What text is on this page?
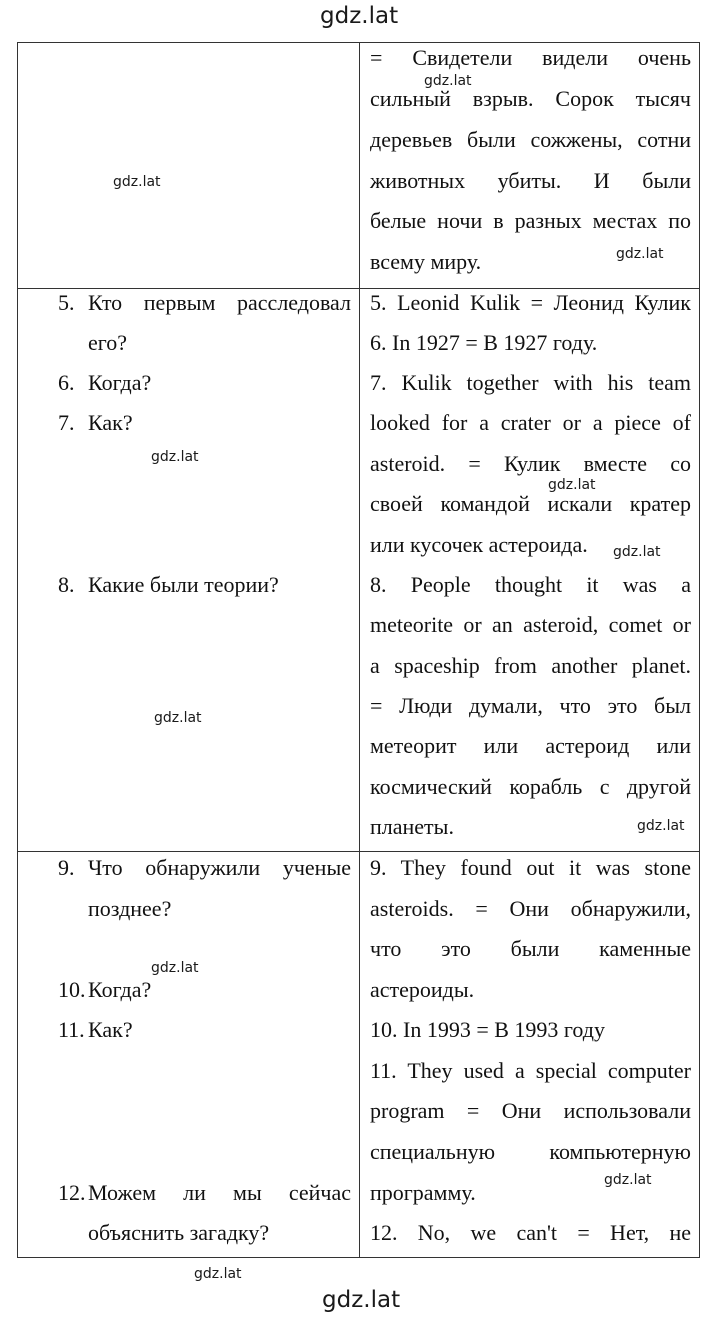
gdz.lat
gdz.lat
gdz.lat
gdz.lat
gdz.lat
gdz.lat
gdz.lat
gdz.lat
gdz.lat
gdz.lat
gdz.lat
gdz.lat
gdz.lat
= Свидетели видели очень
сильный взрыв. Сорок тысяч
деревьев были сожжены, сотни
животных убиты. И были
белые ночи в разных местах по
всему миру.
5. Кто первым расследовал
его?
6. Когда?
7. Как?
8. Какие были теории?
5. Leonid Kulik = Леонид Кулик
6. In 1927 = В 1927 году.
7. Kulik together with his team
looked for a crater or a piece of
asteroid. = Кулик вместе со
своей командой искали кратер
или кусочек астероида.
8. People thought it was a
meteorite or an asteroid, comet or
a spaceship from another planet.
= Люди думали, что это был
метеорит или астероид или
космический корабль с другой
планеты.
9. Что обнаружили ученые
позднее?
10. Когда?
11. Как?
12. Можем ли мы сейчас
объяснить загадку?
9. They found out it was stone
asteroids. = Они обнаружили,
что это были каменные
астероиды.
10. In 1993 = В 1993 году
11. They used a special computer
program = Они использовали
специальную компьютерную
программу.
12. No, we can't = Нет, не
